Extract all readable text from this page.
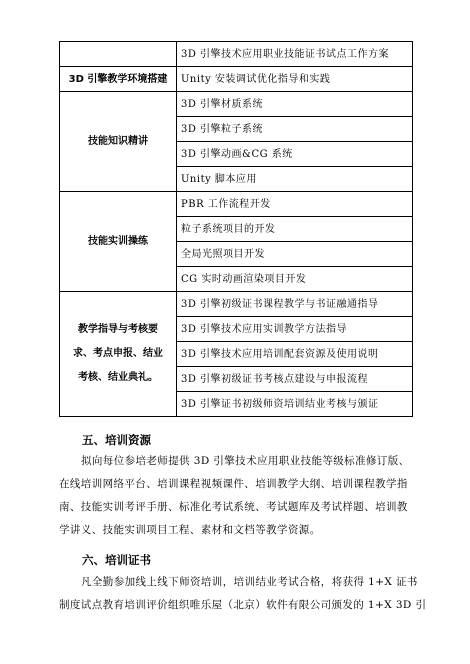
	3D 引擎技术应用职业技能证书试点工作方案
3D 引擎教学环境搭建	Unity 安装调试优化指导和实践
技能知识精讲	3D 引擎材质系统
	3D 引擎粒子系统
	3D 引擎动画&CG 系统
	Unity 脚本应用
技能实训操练	PBR 工作流程开发
	粒子系统项目的开发
	全局光照项目开发
	CG 实时动画渲染项目开发

教学指导与考核要
求、考点申报、结业
考核、结业典礼。	3D 引擎初级证书课程教学与书证融通指导
	3D 引擎技术应用实训教学方法指导
	3D 引擎技术应用培训配套资源及使用说明
	3D 引擎初级证书考核点建设与申报流程
	3D 引擎证书初级师资培训结业考核与颁证
五、培训资源
拟向每位参培老师提供 3D 引擎技术应用职业技能等级标准修订版、
在线培训网络平台、培训课程视频课件、培训教学大纲、培训课程教学指
南、技能实训考评手册、标准化考试系统、考试题库及考试样题、培训教
学讲义、技能实训项目工程、素材和文档等教学资源。
六、培训证书
凡全勤参加线上线下师资培训，培训结业考试合格，将获得 1+X 证书
制度试点教育培训评价组织唯乐屋（北京）软件有限公司颁发的 1+X 3D 引
